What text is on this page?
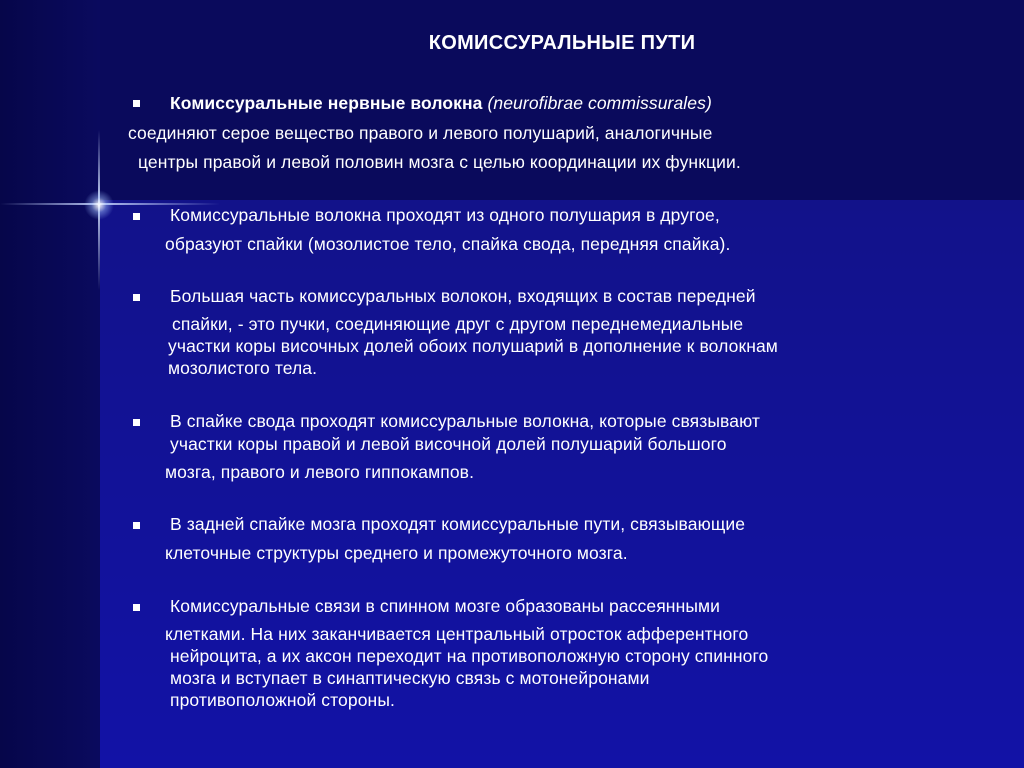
КОМИССУРАЛЬНЫЕ ПУТИ
Комиссуральные нервные волокна (neurofibrae commissurales)
соединяют серое вещество правого и левого полушарий, аналогичные
центры правой и левой половин мозга с целью координации их функции.
Комиссуральные волокна проходят из одного полушария в другое,
образуют спайки (мозолистое тело, спайка свода, передняя спайка).
Большая часть комиссуральных волокон, входящих в состав передней
спайки, - это пучки, соединяющие друг с другом переднемедиальные
участки коры височных долей обоих полушарий в дополнение к волокнам
мозолистого тела.
В спайке свода проходят комиссуральные волокна, которые связывают
участки коры правой и левой височной долей полушарий большого
мозга, правого и левого гиппокампов.
В задней спайке мозга проходят комиссуральные пути, связывающие
клеточные структуры среднего и промежуточного мозга.
Комиссуральные связи в спинном мозге образованы рассеянными
клетками. На них заканчивается центральный отросток афферентного
нейроцита, а их аксон переходит на противоположную сторону спинного
мозга и вступает в синаптическую связь с мотонейронами
противоположной стороны.
